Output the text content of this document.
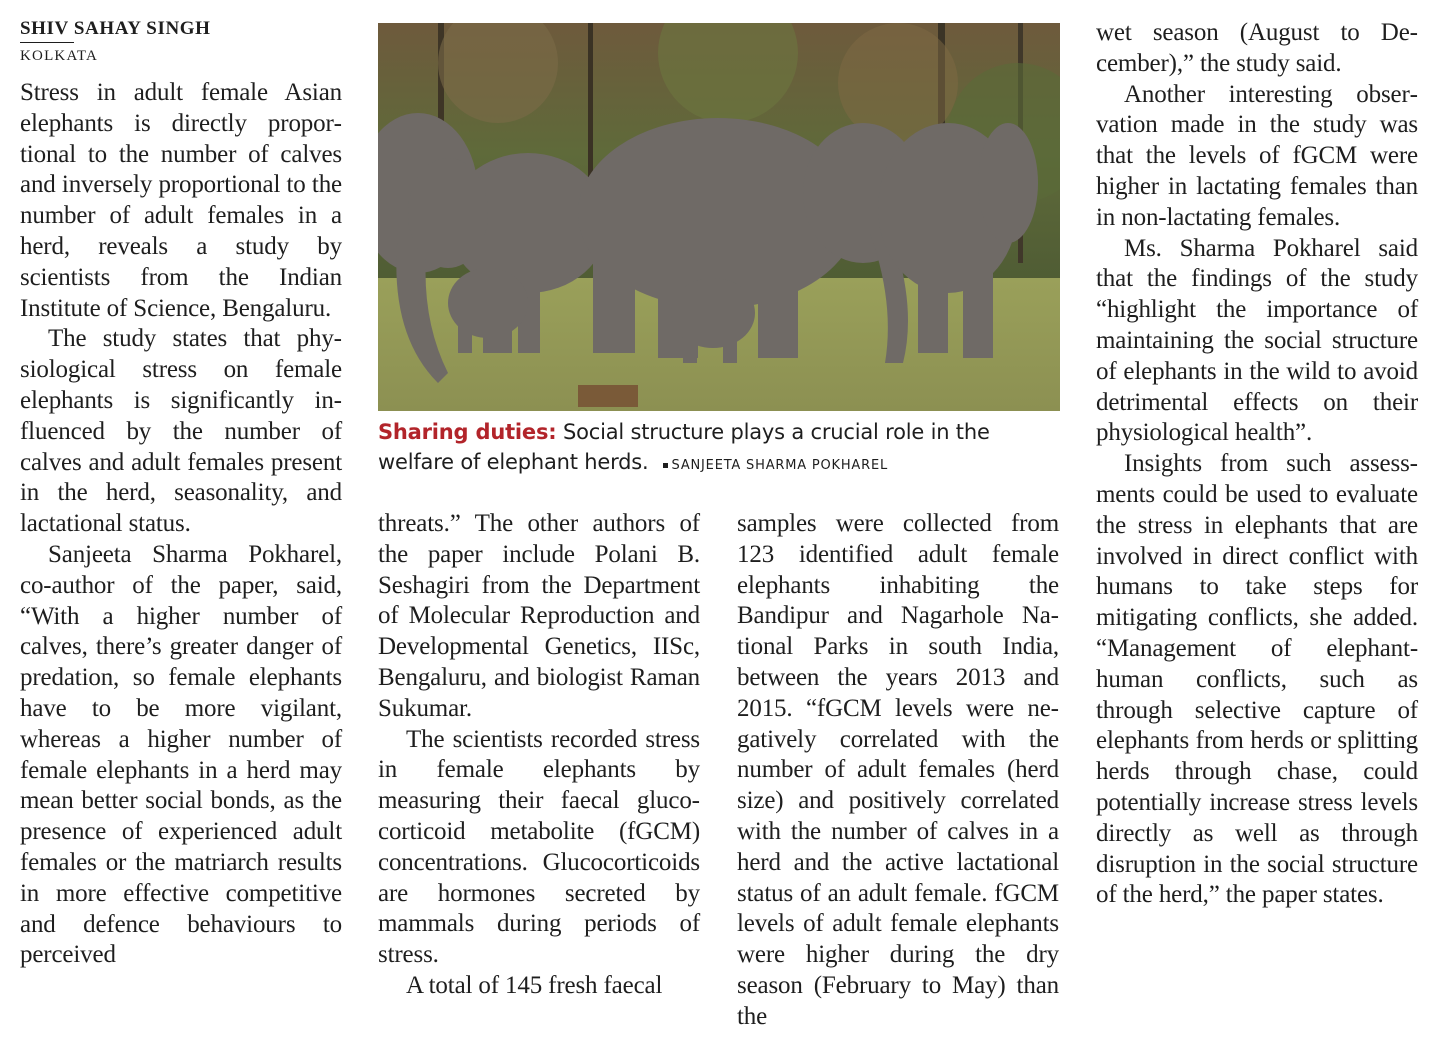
SHIV SAHAY SINGH
KOLKATA

Stress in adult female Asian elephants is directly proportional to the number of calves and inversely proportional to the number of adult females in a herd, reveals a study by scientists from the Indian Institute of Science, Bengaluru.

The study states that physiological stress on female elephants is significantly influenced by the number of calves and adult females present in the herd, seasonality, and lactational status.

Sanjeeta Sharma Pokharel, co-author of the paper, said, “With a higher number of calves, there’s greater danger of predation, so female elephants have to be more vigilant, whereas a higher number of female elephants in a herd may mean better social bonds, as the presence of experienced adult females or the matriarch results in more effective competitive and defence behaviours to perceived

Sharing duties: Social structure plays a crucial role in the welfare of elephant herds. SANJEETA SHARMA POKHAREL

threats.” The other authors of the paper include Polani B. Seshagiri from the Department of Molecular Reproduction and Developmental Genetics, IISc, Bengaluru, and biologist Raman Sukumar.

The scientists recorded stress in female elephants by measuring their faecal glucocorticoid metabolite (fGCM) concentrations. Glucocorticoids are hormones secreted by mammals during periods of stress.

A total of 145 fresh faecal

samples were collected from 123 identified adult female elephants inhabiting the Bandipur and Nagarhole National Parks in south India, between the years 2013 and 2015. “fGCM levels were negatively correlated with the number of adult females (herd size) and positively correlated with the number of calves in a herd and the active lactational status of an adult female. fGCM levels of adult female elephants were higher during the dry season (February to May) than the

wet season (August to December),” the study said.

Another interesting observation made in the study was that the levels of fGCM were higher in lactating females than in non-lactating females.

Ms. Sharma Pokharel said that the findings of the study “highlight the importance of maintaining the social structure of elephants in the wild to avoid detrimental effects on their physiological health”.

Insights from such assessments could be used to evaluate the stress in elephants that are involved in direct conflict with humans to take steps for mitigating conflicts, she added. “Management of elephant-human conflicts, such as through selective capture of elephants from herds or splitting herds through chase, could potentially increase stress levels directly as well as through disruption in the social structure of the herd,” the paper states.
